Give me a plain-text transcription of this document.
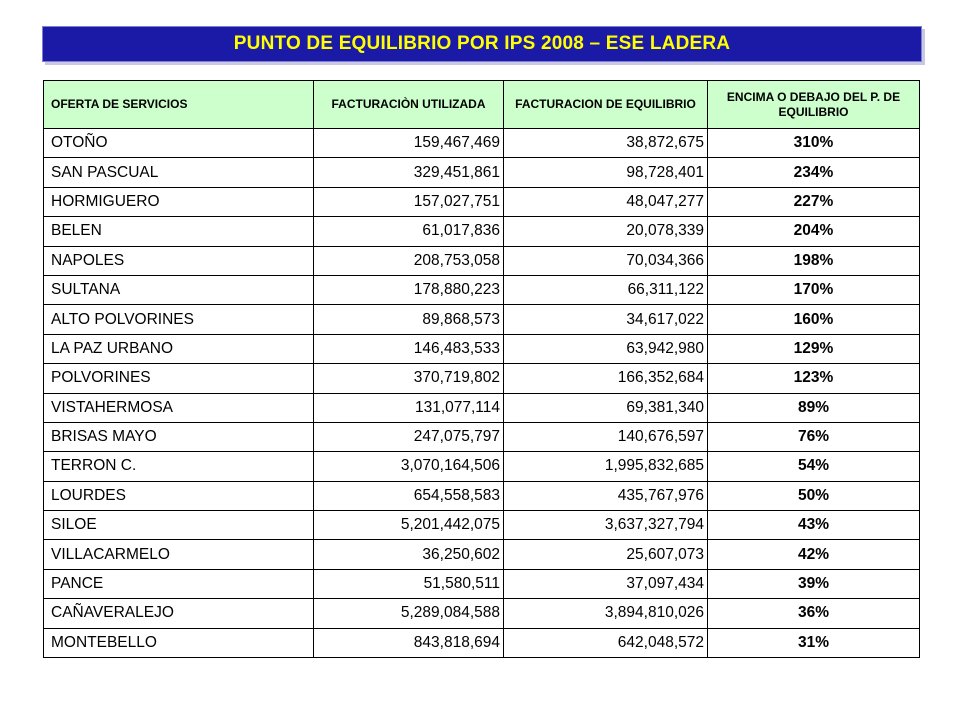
PUNTO DE EQUILIBRIO POR IPS 2008 – ESE LADERA
OFERTA DE SERVICIOS	FACTURACIÒN UTILIZADA	FACTURACION DE EQUILIBRIO	ENCIMA O DEBAJO DEL P. DE EQUILIBRIO
OTOÑO	159,467,469	38,872,675	310%
SAN PASCUAL	329,451,861	98,728,401	234%
HORMIGUERO	157,027,751	48,047,277	227%
BELEN	61,017,836	20,078,339	204%
NAPOLES	208,753,058	70,034,366	198%
SULTANA	178,880,223	66,311,122	170%
ALTO POLVORINES	89,868,573	34,617,022	160%
LA PAZ URBANO	146,483,533	63,942,980	129%
POLVORINES	370,719,802	166,352,684	123%
VISTAHERMOSA	131,077,114	69,381,340	89%
BRISAS MAYO	247,075,797	140,676,597	76%
TERRON C.	3,070,164,506	1,995,832,685	54%
LOURDES	654,558,583	435,767,976	50%
SILOE	5,201,442,075	3,637,327,794	43%
VILLACARMELO	36,250,602	25,607,073	42%
PANCE	51,580,511	37,097,434	39%
CAÑAVERALEJO	5,289,084,588	3,894,810,026	36%
MONTEBELLO	843,818,694	642,048,572	31%
